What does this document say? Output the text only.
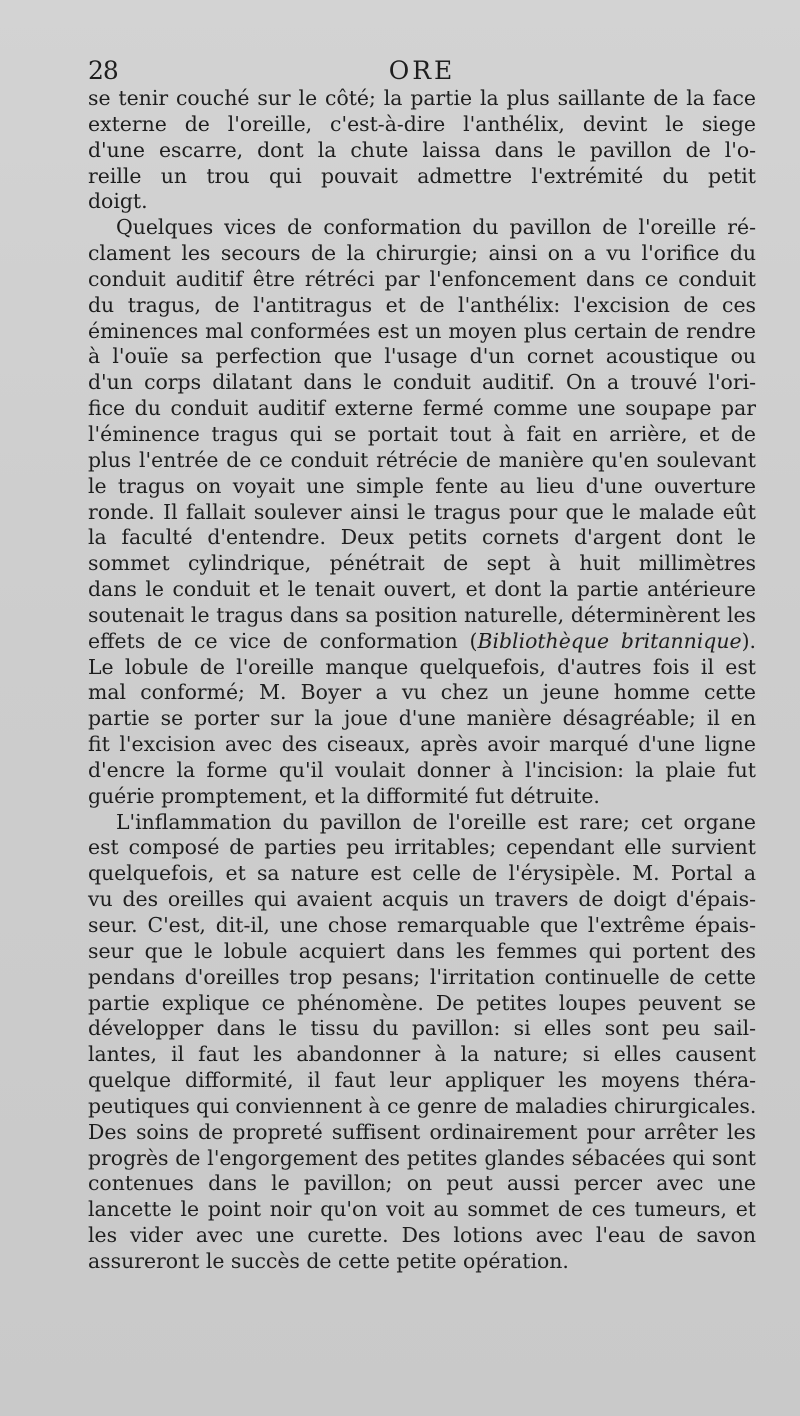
28	ORE
se tenir couché sur le côté; la partie la plus saillante de la face
externe de l'oreille, c'est-à-dire l'anthélix, devint le siege
d'une escarre, dont la chute laissa dans le pavillon de l'o-
reille un trou qui pouvait admettre l'extrémité du petit
doigt.
Quelques vices de conformation du pavillon de l'oreille ré-
clament les secours de la chirurgie; ainsi on a vu l'orifice du
conduit auditif être rétréci par l'enfoncement dans ce conduit
du tragus, de l'antitragus et de l'anthélix: l'excision de ces
éminences mal conformées est un moyen plus certain de rendre
à l'ouïe sa perfection que l'usage d'un cornet acoustique ou
d'un corps dilatant dans le conduit auditif. On a trouvé l'ori-
fice du conduit auditif externe fermé comme une soupape par
l'éminence tragus qui se portait tout à fait en arrière, et de
plus l'entrée de ce conduit rétrécie de manière qu'en soulevant
le tragus on voyait une simple fente au lieu d'une ouverture
ronde. Il fallait soulever ainsi le tragus pour que le malade eût
la faculté d'entendre. Deux petits cornets d'argent dont le
sommet cylindrique, pénétrait de sept à huit millimètres
dans le conduit et le tenait ouvert, et dont la partie antérieure
soutenait le tragus dans sa position naturelle, déterminèrent les
effets de ce vice de conformation (Bibliothèque britannique).
Le lobule de l'oreille manque quelquefois, d'autres fois il est
mal conformé; M. Boyer a vu chez un jeune homme cette
partie se porter sur la joue d'une manière désagréable; il en
fit l'excision avec des ciseaux, après avoir marqué d'une ligne
d'encre la forme qu'il voulait donner à l'incision: la plaie fut
guérie promptement, et la difformité fut détruite.
L'inflammation du pavillon de l'oreille est rare; cet organe
est composé de parties peu irritables; cependant elle survient
quelquefois, et sa nature est celle de l'érysipèle. M. Portal a
vu des oreilles qui avaient acquis un travers de doigt d'épais-
seur. C'est, dit-il, une chose remarquable que l'extrême épais-
seur que le lobule acquiert dans les femmes qui portent des
pendans d'oreilles trop pesans; l'irritation continuelle de cette
partie explique ce phénomène. De petites loupes peuvent se
développer dans le tissu du pavillon: si elles sont peu sail-
lantes, il faut les abandonner à la nature; si elles causent
quelque difformité, il faut leur appliquer les moyens théra-
peutiques qui conviennent à ce genre de maladies chirurgicales.
Des soins de propreté suffisent ordinairement pour arrêter les
progrès de l'engorgement des petites glandes sébacées qui sont
contenues dans le pavillon; on peut aussi percer avec une
lancette le point noir qu'on voit au sommet de ces tumeurs, et
les vider avec une curette. Des lotions avec l'eau de savon
assureront le succès de cette petite opération.
